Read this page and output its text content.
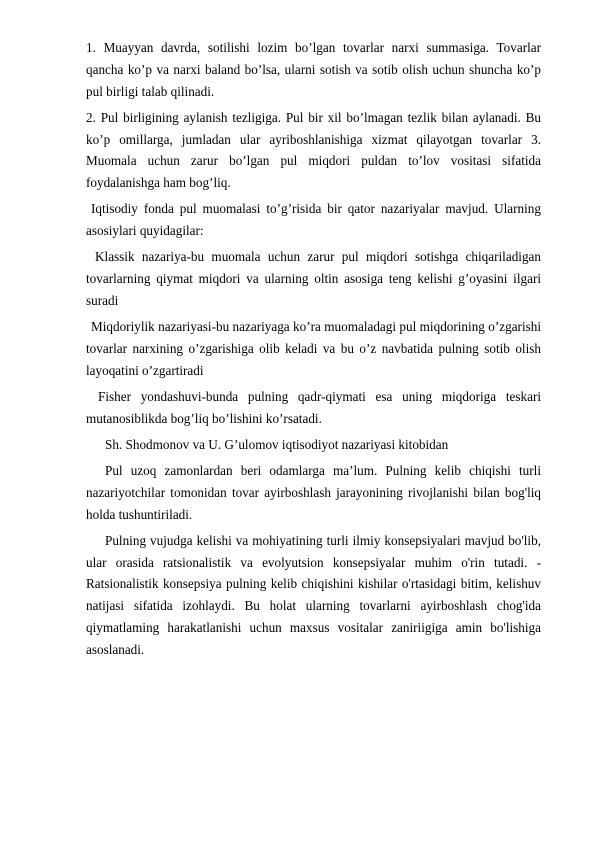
1. Muayyan davrda, sotilishi lozim bo’lgan tovarlar narxi summasiga. Tovarlar qancha ko’p va narxi baland bo’lsa, ularni sotish va sotib olish uchun shuncha ko’p pul birligi talab qilinadi.

2. Pul birligining aylanish tezligiga. Pul bir xil bo’lmagan tezlik bilan aylanadi. Bu ko’p omillarga, jumladan ular ayriboshlanishiga xizmat qilayotgan tovarlar 3. Muomala uchun zarur bo’lgan pul miqdori puldan to’lov vositasi sifatida foydalanishga ham bog’liq.

Iqtisodiy fonda pul muomalasi to’g’risida bir qator nazariyalar mavjud. Ularning asosiylari quyidagilar:

Klassik nazariya-bu muomala uchun zarur pul miqdori sotishga chiqariladigan tovarlarning qiymat miqdori va ularning oltin asosiga teng kelishi g’oyasini ilgari suradi

Miqdoriylik nazariyasi-bu nazariyaga ko’ra muomaladagi pul miqdorining o’zgarishi tovarlar narxining o’zgarishiga olib keladi va bu o’z navbatida pulning sotib olish layoqatini o’zgartiradi

Fisher yondashuvi-bunda pulning qadr-qiymati esa uning miqdoriga teskari mutanosiblikda bog’liq bo’lishini ko’rsatadi.

Sh. Shodmonov va U. G’ulomov iqtisodiyot nazariyasi kitobidan

Pul uzoq zamonlardan beri odamlarga ma’lum. Pulning kelib chiqishi turli nazariyotchilar tomonidan tovar ayirboshlash jarayonining rivojlanishi bilan bog'liq holda tushuntiriladi.

Pulning vujudga kelishi va mohiyatining turli ilmiy konsepsiyalari mavjud bo'lib, ular orasida ratsionalistik va evolyutsion konsepsiyalar muhim o'rin tutadi. -Ratsionalistik konsepsiya pulning kelib chiqishini kishilar o'rtasidagi bitim, kelishuv natijasi sifatida izohlaydi. Bu holat ularning tovarlarni ayirboshlash chog'ida qiymatlaming harakatlanishi uchun maxsus vositalar zaniriigiga amin bo'lishiga asoslanadi.
